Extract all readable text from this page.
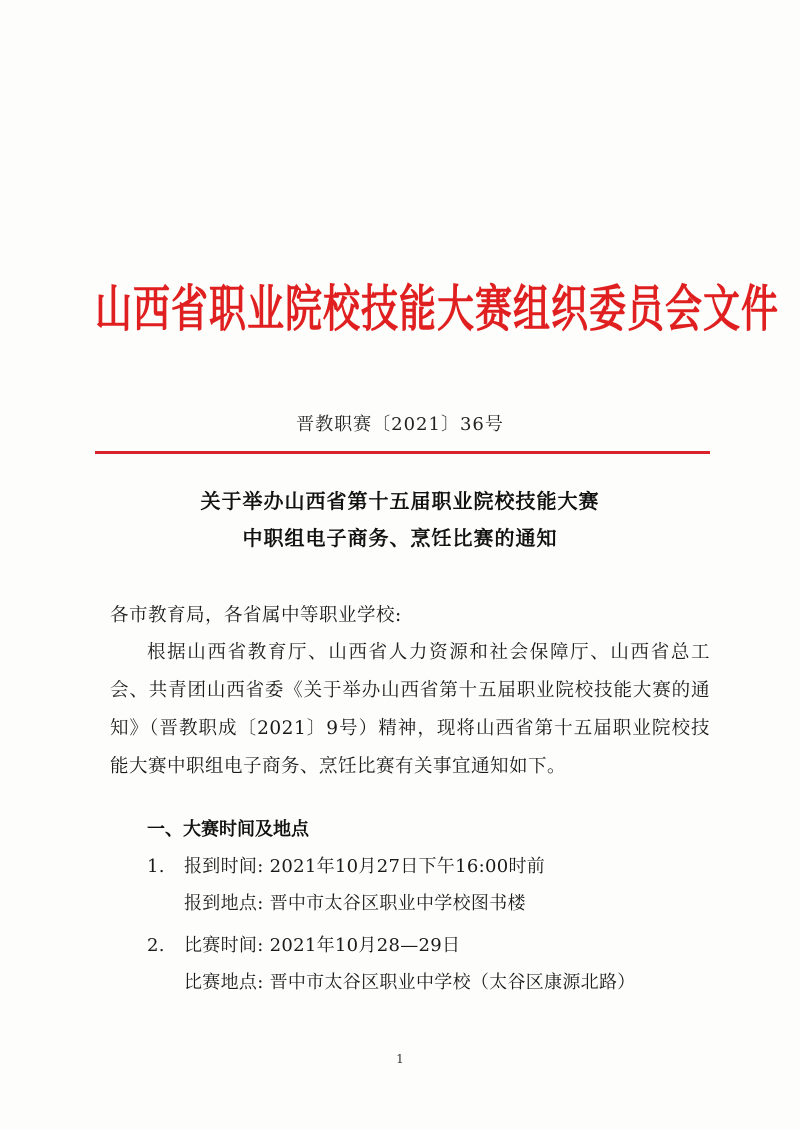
山西省职业院校技能大赛组织委员会文件
晋教职赛〔2021〕36号
关于举办山西省第十五届职业院校技能大赛
中职组电子商务、烹饪比赛的通知
各市教育局，各省属中等职业学校:
根据山西省教育厅、山西省人力资源和社会保障厅、山西省总工会、共青团山西省委《关于举办山西省第十五届职业院校技能大赛的通知》（晋教职成〔2021〕9号）精神，现将山西省第十五届职业院校技能大赛中职组电子商务、烹饪比赛有关事宜通知如下。
一、大赛时间及地点
1. 报到时间: 2021年10月27日下午16:00时前
报到地点: 晋中市太谷区职业中学校图书楼
2. 比赛时间: 2021年10月28—29日
比赛地点: 晋中市太谷区职业中学校（太谷区康源北路）
1
